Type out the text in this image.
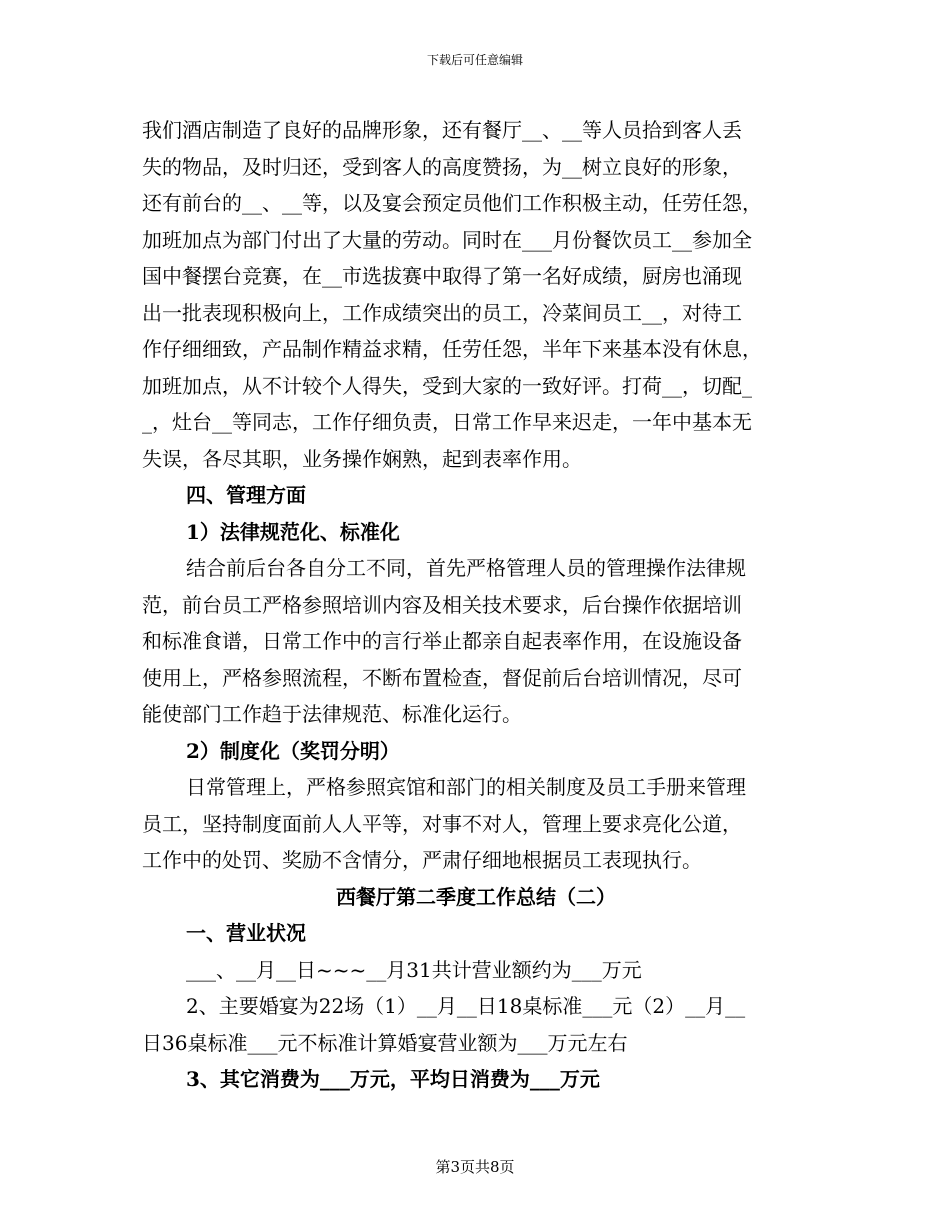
下载后可任意编辑
我们酒店制造了良好的品牌形象，还有餐厅__、__等人员拾到客人丢
失的物品，及时归还，受到客人的高度赞扬，为__树立良好的形象，
还有前台的__、__等，以及宴会预定员他们工作积极主动，任劳任怨，
加班加点为部门付出了大量的劳动。同时在___月份餐饮员工__参加全
国中餐摆台竞赛，在__市选拔赛中取得了第一名好成绩，厨房也涌现
出一批表现积极向上，工作成绩突出的员工，冷菜间员工__，对待工
作仔细细致，产品制作精益求精，任劳任怨，半年下来基本没有休息，
加班加点，从不计较个人得失，受到大家的一致好评。打荷__，切配_
_，灶台__等同志，工作仔细负责，日常工作早来迟走，一年中基本无
失误，各尽其职，业务操作娴熟，起到表率作用。
四、管理方面
1）法律规范化、标准化
结合前后台各自分工不同，首先严格管理人员的管理操作法律规
范，前台员工严格参照培训内容及相关技术要求，后台操作依据培训
和标准食谱，日常工作中的言行举止都亲自起表率作用，在设施设备
使用上，严格参照流程，不断布置检查，督促前后台培训情况，尽可
能使部门工作趋于法律规范、标准化运行。
2）制度化（奖罚分明）
日常管理上，严格参照宾馆和部门的相关制度及员工手册来管理
员工，坚持制度面前人人平等，对事不对人，管理上要求亮化公道，
工作中的处罚、奖励不含情分，严肃仔细地根据员工表现执行。
西餐厅第二季度工作总结（二）
一、营业状况
___、__月__日~~~__月31共计营业额约为___万元
2、主要婚宴为22场（1）__月__日18桌标准___元（2）__月__
日36桌标准___元不标准计算婚宴营业额为___万元左右
3、其它消费为___万元，平均日消费为___万元
第3页共8页
